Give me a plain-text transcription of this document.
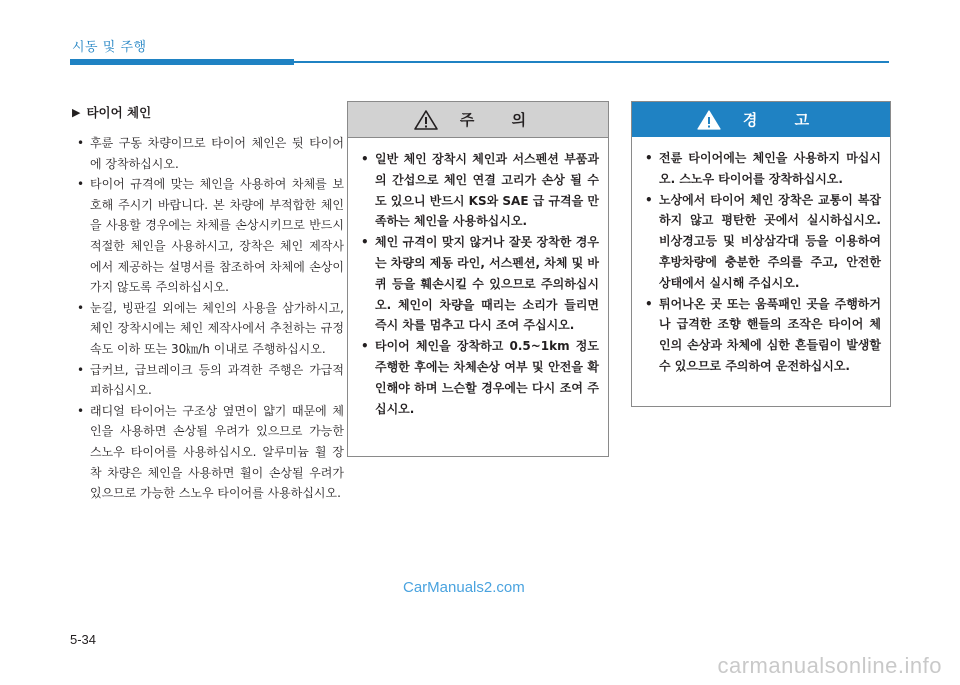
시동 및 주행
▶ 타이어 체인
• 후륜 구동 차량이므로 타이어 체인은 뒷 타이어에 장착하십시오.
• 타이어 규격에 맞는 체인을 사용하여 차체를 보호해 주시기 바랍니다. 본 차량에 부적합한 체인을 사용할 경우에는 차체를 손상시키므로 반드시 적절한 체인을 사용하시고, 장착은 체인 제작사에서 제공하는 설명서를 참조하여 차체에 손상이 가지 않도록 주의하십시오.
• 눈길, 빙판길 외에는 체인의 사용을 삼가하시고, 체인 장착시에는 체인 제작사에서 추천하는 규정속도 이하 또는 30㎞/h 이내로 주행하십시오.
• 급커브, 급브레이크 등의 과격한 주행은 가급적 피하십시오.
• 래디얼 타이어는 구조상 옆면이 얇기 때문에 체인을 사용하면 손상될 우려가 있으므로 가능한 스노우 타이어를 사용하십시오. 알루미늄 휠 장착 차량은 체인을 사용하면 휠이 손상될 우려가 있으므로 가능한 스노우 타이어를 사용하십시오.
주 의
• 일반 체인 장착시 체인과 서스펜션 부품과의 간섭으로 체인 연결 고리가 손상 될 수도 있으니 반드시 KS와 SAE 급 규격을 만족하는 체인을 사용하십시오.
• 체인 규격이 맞지 않거나 잘못 장착한 경우는 차량의 제동 라인, 서스펜션, 차체 및 바퀴 등을 훼손시킬 수 있으므로 주의하십시오. 체인이 차량을 때리는 소리가 들리면 즉시 차를 멈추고 다시 조여 주십시오.
• 타이어 체인을 장착하고 0.5~1km 정도 주행한 후에는 차체손상 여부 및 안전을 확인해야 하며 느슨할 경우에는 다시 조여 주십시오.
경 고
• 전륜 타이어에는 체인을 사용하지 마십시오. 스노우 타이어를 장착하십시오.
• 노상에서 타이어 체인 장착은 교통이 복잡하지 않고 평탄한 곳에서 실시하십시오. 비상경고등 및 비상삼각대 등을 이용하여 후방차량에 충분한 주의를 주고, 안전한 상태에서 실시해 주십시오.
• 튀어나온 곳 또는 움푹패인 곳을 주행하거나 급격한 조향 핸들의 조작은 타이어 체인의 손상과 차체에 심한 흔들림이 발생할 수 있으므로 주의하여 운전하십시오.
CarManuals2.com
5-34
carmanualsonline.info
